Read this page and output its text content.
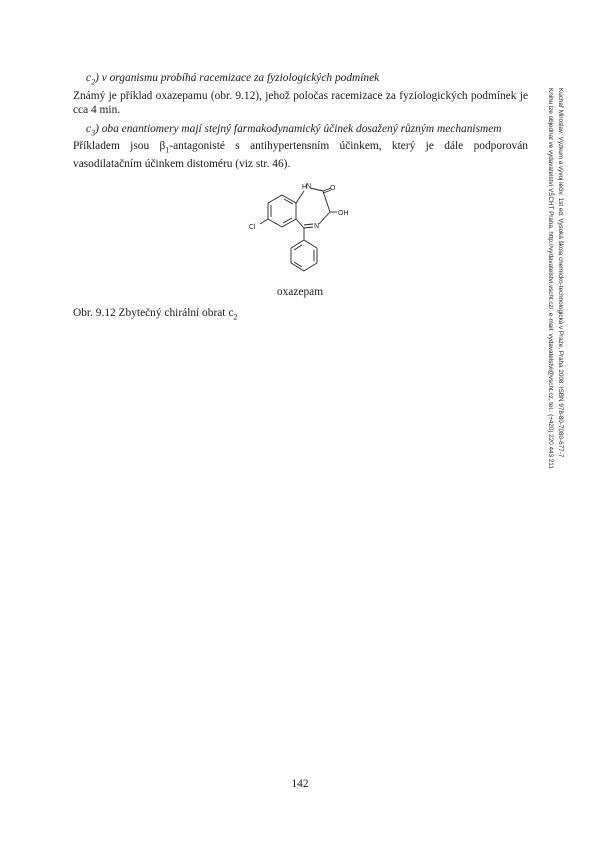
$c_2$) v organismu probíhá racemizace za fyziologických podmínek
Známý je příklad oxazepamu (obr. 9.12), jehož poločas racemizace za fyziologických podmínek je cca 4 min.
$c_3$) oba enantiomery mají stejný farmakodynamický účinek dosažený různým mechanismem
Příkladem jsou $\beta_1$-antagonisté s antihypertensním účinkem, který je dále podporován vasodilatačním účinkem distoméru (viz str. 46).
H
N	O
OH
Cl	N
oxazepam
Obr. 9.12 Zbytečný chirální obrat $c_2$	Kuchař Miroslav: Výzkum a vývoj léčiv. 1st ed. Vysoká škola chemicko-technologická v Praze, Praha 2008. ISBN 978-80-7080-677-7
Knihu lze objednat ve vydavatelství VŠCHT Praha, http://vydavatelstvi.vscht.cz/, e-mail: vydavatelstvi@vscht.cz, tel.: (+420) 220 443 211
142
